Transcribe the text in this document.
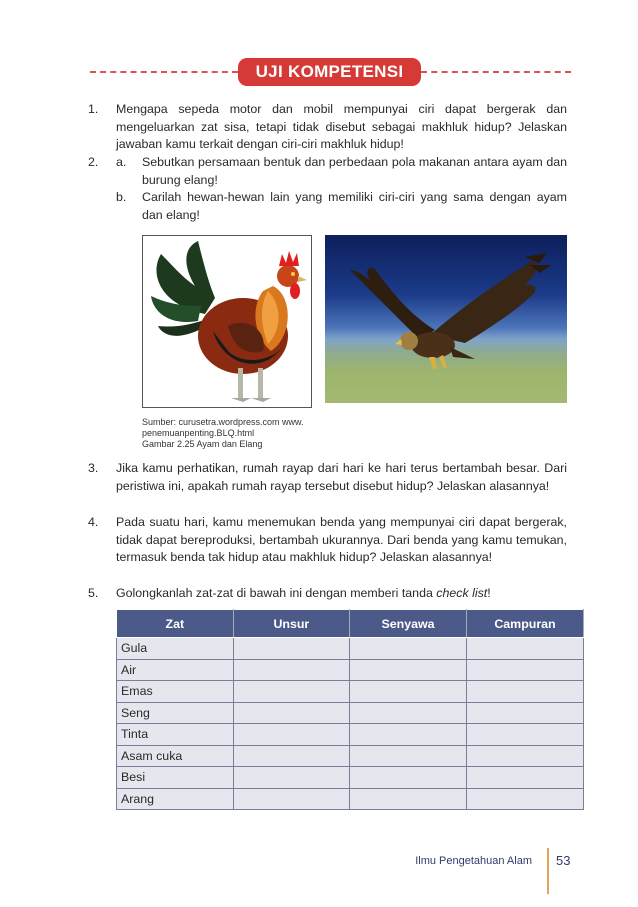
UJI KOMPETENSI
1. Mengapa sepeda motor dan mobil mempunyai ciri dapat bergerak dan mengeluarkan zat sisa, tetapi tidak disebut sebagai makhluk hidup? Jelaskan jawaban kamu terkait dengan ciri-ciri makhluk hidup!
2. a. Sebutkan persamaan bentuk dan perbedaan pola makanan antara ayam dan burung elang!
b. Carilah hewan-hewan lain yang memiliki ciri-ciri yang sama dengan ayam dan elang!
Sumber: curusetra.wordpress.com www.
penemuanpenting.BLQ.html
Gambar 2.25 Ayam dan Elang
3. Jika kamu perhatikan, rumah rayap dari hari ke hari terus bertambah besar. Dari peristiwa ini, apakah rumah rayap tersebut disebut hidup? Jelaskan alasannya!
4. Pada suatu hari, kamu menemukan benda yang mempunyai ciri dapat bergerak, tidak dapat bereproduksi, bertambah ukurannya. Dari benda yang kamu temukan, termasuk benda tak hidup atau makhluk hidup? Jelaskan alasannya!
5. Golongkanlah zat-zat di bawah ini dengan memberi tanda check list!
Zat	Unsur	Senyawa	Campuran
Gula			
Air			
Emas			
Seng			
Tinta			
Asam cuka			
Besi			
Arang			
Ilmu Pengetahuan Alam 53
